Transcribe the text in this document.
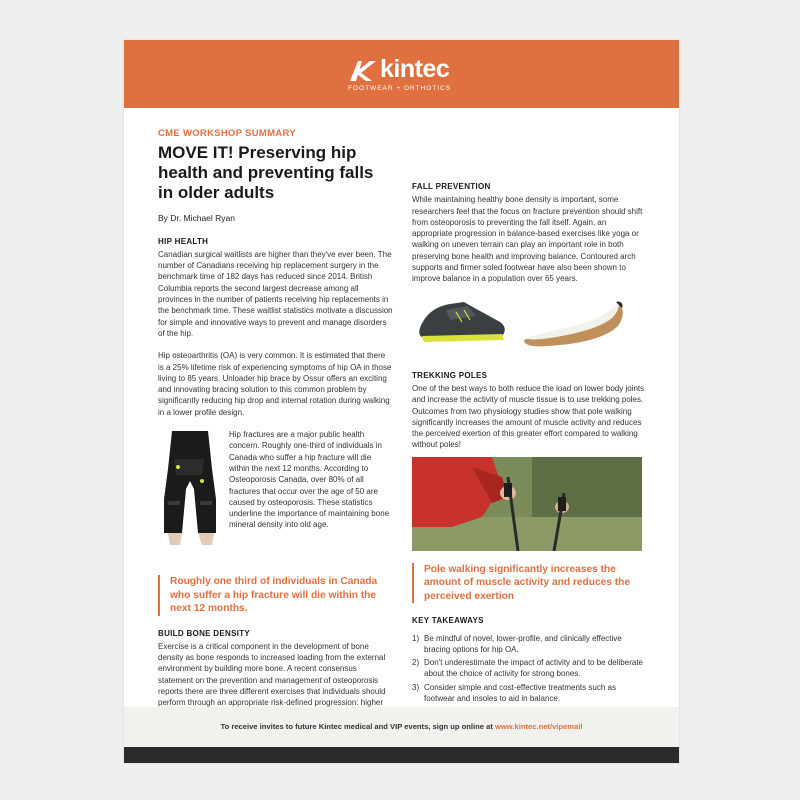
kintec
FOOTWEAR + ORTHOTICS
CME WORKSHOP SUMMARY
MOVE IT! Preserving hip health and preventing falls in older adults
By Dr. Michael Ryan
HIP HEALTH
Canadian surgical waitlists are higher than they've ever been. The number of Canadians receiving hip replacement surgery in the benchmark time of 182 days has reduced since 2014. British Columbia reports the second largest decrease among all provinces in the number of patients receiving hip replacements in the benchmark time. These waitlist statistics motivate a discussion for simple and innovative ways to prevent and manage disorders of the hip.
Hip osteoarthritis (OA) is very common. It is estimated that there is a 25% lifetime risk of experiencing symptoms of hip OA in those living to 85 years. Unloader hip brace by Ossur offers an exciting and innovating bracing solution to this common problem by significantly reducing hip drop and internal rotation during walking in a lower profile design.
Hip fractures are a major public health concern. Roughly one-third of individuals in Canada who suffer a hip fracture will die within the next 12 months. According to Osteoporosis Canada, over 80% of all fractures that occur over the age of 50 are caused by osteoporosis. These statistics underline the importance of maintaining bone mineral density into old age.
Roughly one third of individuals in Canada who suffer a hip fracture will die within the next 12 months.
BUILD BONE DENSITY
Exercise is a critical component in the development of bone density as bone responds to increased loading from the external environment by building more bone. A recent consensus statement on the prevention and management of osteoporosis reports there are three different exercises that individuals should perform through an appropriate risk-defined progression: higher
FALL PREVENTION
While maintaining healthy bone density is important, some researchers feel that the focus on fracture prevention should shift from osteoporosis to preventing the fall itself. Again, an appropriate progression in balance-based exercises like yoga or walking on uneven terrain can play an important role in both preserving bone health and improving balance. Contoured arch supports and firmer soled footwear have also been shown to improve balance in a population over 65 years.
TREKKING POLES
One of the best ways to both reduce the load on lower body joints and increase the activity of muscle tissue is to use trekking poles. Outcomes from two physiology studies show that pole walking significantly increases the amount of muscle activity and reduces the perceived exertion of this greater effort compared to walking without poles!
Pole walking significantly increases the amount of muscle activity and reduces the perceived exertion
KEY TAKEAWAYS
1) Be mindful of novel, lower-profile, and clinically effective bracing options for hip OA.
2) Don't underestimate the impact of activity and to be deliberate about the choice of activity for strong bones.
3) Consider simple and cost-effective treatments such as footwear and insoles to aid in balance.
To receive invites to future Kintec medical and VIP events, sign up online at www.kintec.net/vipemail
